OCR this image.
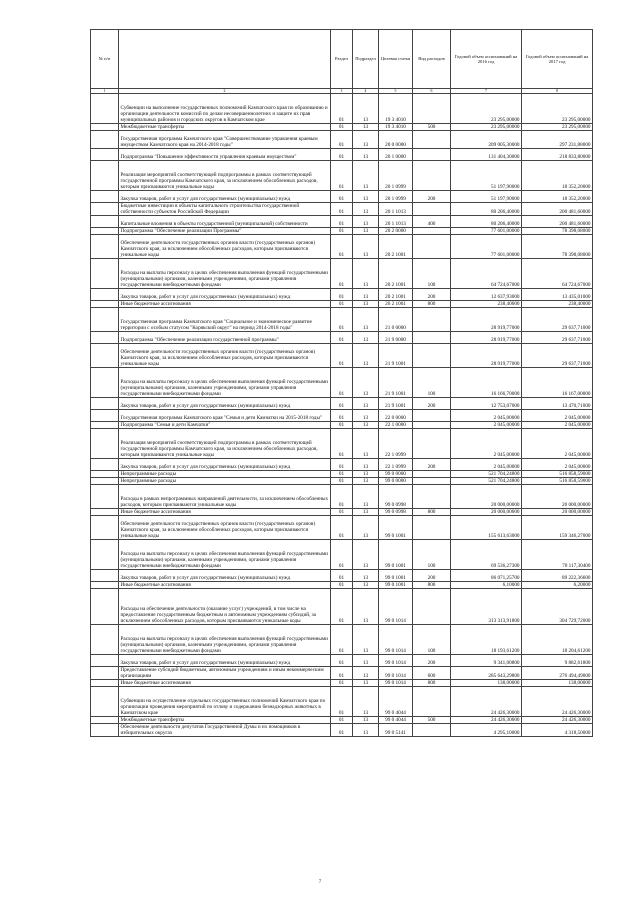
№ п/п		Раздел	Подраздел	Целевая статья	Вид расходов	Годовой объем ассигнований на 2016 год	Годовой объем ассигнований на 2017 год
1	2	3	4	5	6	7	8
	Субвенции на выполнение государственных полномочий Камчатского края по образованию и организации деятельности комиссий по делам несовершеннолетних и защите их прав муниципальных районов и городских округов в Камчатском крае	01	13	19 3 4010		23 295,00000	23 295,00000
	Межбюджетные трансферты	01	13	19 3 4010	500	23 295,00000	23 295,00000
	Государственная программа Камчатского края "Совершенствование управления краевым имуществом Камчатского края на 2014-2018 годы"	01	13	20 0 0000		209 005,30000	297 231,88000
	Подпрограмма "Повышение эффективности управления краевым имуществом"	01	13	20 1 0000		131 404,30000	218 833,80000
	Реализация мероприятий соответствующей подпрограммы в рамках соответствующей государственной программы Камчатского края, за исключением обособленных расходов, которым присваиваются уникальные коды	01	13	20 1 0999		51 197,90000	18 352,20000
	Закупка товаров, работ и услуг для государственных (муниципальных) нужд	01	13	20 1 0999	200	51 197,90000	18 352,20000
	Бюджетные инвестиции в объекты капитального строительства государственной собственности субъектов Российской Федерации	01	13	20 1 1013		80 206,40000	200 481,60000
	Капитальные вложения в объекты государственной (муниципальной) собственности	01	13	20 1 1013	400	80 206,40000	200 481,60000
	Подпрограмма "Обеспечение реализации Программы"	01	13	20 2 0000		77 601,00000	78 398,08000
	Обеспечение деятельности государственных органов власти (государственных органов) Камчатского края, за исключением обособленных расходов, которым присваиваются уникальные коды	01	13	20 2 1001		77 601,00000	78 398,08000
	Расходы на выплаты персоналу в целях обеспечения выполнения функций государственными (муниципальными) органами, казенными учреждениями, органами управления государственными внебюджетными фондами	01	13	20 2 1001	100	64 724,67000	64 724,67000
	Закупка товаров, работ и услуг для государственных (муниципальных) нужд	01	13	20 2 1001	200	12 637,93000	13 435,01000
	Иные бюджетные ассигнования	01	13	20 2 1001	800	238,40000	238,40000
	Государственная программа Камчатского края "Социальное и экономическое развитие территории с особым статусом "Корякский округ" на период 2014-2018 годы"	01	13	21 0 0000		28 919,77000	29 637,71000
	Подпрограмма "Обеспечение реализации государственной программы"	01	13	21 9 0000		28 919,77000	29 637,71000
	Обеспечение деятельности государственных органов власти (государственных органов) Камчатского края, за исключением обособленных расходов, которым присваиваются уникальные коды	01	13	21 9 1001		28 919,77000	29 637,71000
	Расходы на выплаты персоналу в целях обеспечения выполнения функций государственными (муниципальными) органами, казенными учреждениями, органами управления государственными внебюджетными фондами	01	13	21 9 1001	100	16 166,70000	16 167,00000
	Закупка товаров, работ и услуг для государственных (муниципальных) нужд	01	13	21 9 1001	200	12 753,07000	13 470,71000
	Государственная программа Камчатского края "Семья и дети Камчатки на 2015-2018 годы"	01	13	22 0 0000		2 045,00000	2 045,00000
	Подпрограмма "Семья и дети Камчатки"	01	13	22 1 0000		2 045,00000	2 045,00000
	Реализация мероприятий соответствующей подпрограммы в рамках соответствующей государственной программы Камчатского края, за исключением обособленных расходов, которым присваиваются уникальные коды	01	13	22 1 0999		2 045,00000	2 045,00000
	Закупка товаров, работ и услуг для государственных (муниципальных) нужд	01	13	22 1 0999	200	2 045,00000	2 045,00000
	Непрограммные расходы	01	13	99 0 0000		521 704,24800	516 858,59000
	Непрограммные расходы	01	13	99 0 0000		521 704,24800	516 858,59000
	Расходы в рамках непрограммных направлений деятельности, за исключением обособленных расходов, которым присваиваются уникальные коды	01	13	99 0 0998		20 000,00000	20 000,00000
	Иные бюджетные ассигнования	01	13	99 0 0998	800	20 000,00000	20 000,00000
	Обеспечение деятельности государственных органов власти (государственных органов) Камчатского края, за исключением обособленных расходов, которым присваиваются уникальные коды	01	13	99 0 1001		155 613,63000	159 346,27000
	Расходы на выплаты персоналу в целях обеспечения выполнения функций государственными (муниципальными) органами, казенными учреждениями, органами управления государственными внебюджетными фондами	01	13	99 0 1001	100	69 536,27300	70 117,30400
	Закупка товаров, работ и услуг для государственных (муниципальных) нужд	01	13	99 0 1001	200	86 071,25700	89 222,36600
	Иные бюджетные ассигнования	01	13	99 0 1001	800	6,10000	6,20000
	Расходы на обеспечение деятельности (оказание услуг) учреждений, в том числе на предоставление государственным бюджетным и автономным учреждениям субсидий, за исключением обособленных расходов, которым присваиваются уникальные коды	01	13	99 0 1014		313 313,91800	304 729,72000
	Расходы на выплаты персоналу в целях обеспечения выполнения функций государственными (муниципальными) органами, казенными учреждениями, органами управления государственными внебюджетными фондами	01	13	99 0 1014	100	18 193,61200	18 204,61200
	Закупка товаров, работ и услуг для государственных (муниципальных) нужд	01	13	99 0 1014	200	9 341,00800	9 882,61800
	Предоставление субсидий бюджетным, автономным учреждениям и иным некоммерческим организациям	01	13	99 0 1014	600	285 643,29800	276 494,49000
	Иные бюджетные ассигнования	01	13	99 0 1014	800	138,00000	138,00000
	Субвенции на осуществление отдельных государственных полномочий Камчатского края по организации проведения мероприятий по отлову и содержанию безнадзорных животных в Камчатском крае	01	13	99 0 4044		24 426,30000	24 426,30000
	Межбюджетные трансферты	01	13	99 0 4044	500	24 426,30000	24 426,30000
	Обеспечение деятельности депутатов Государственной Думы и их помощников в избирательных округах	01	13	99 0 5141		4 295,10000	4 318,50000
7
